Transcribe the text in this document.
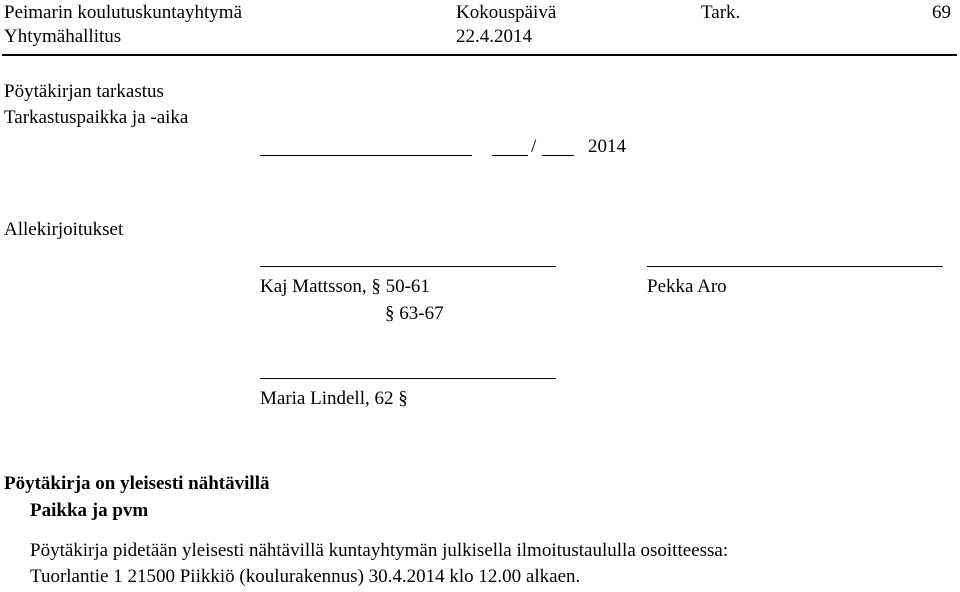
Peimarin koulutuskuntayhtymä
Yhtymähallitus
Kokouspäivä
22.4.2014
Tark.	69
Pöytäkirjan tarkastus
Tarkastuspaikka ja -aika
/	2014
Allekirjoitukset
Kaj Mattsson, § 50-61
§ 63-67
Pekka Aro
Maria Lindell, 62 §
Pöytäkirja on yleisesti nähtävillä
Paikka ja pvm
Pöytäkirja pidetään yleisesti nähtävillä kuntayhtymän julkisella ilmoitustaululla osoitteessa:
Tuorlantie 1 21500 Piikkiö (koulurakennus) 30.4.2014 klo 12.00 alkaen.
